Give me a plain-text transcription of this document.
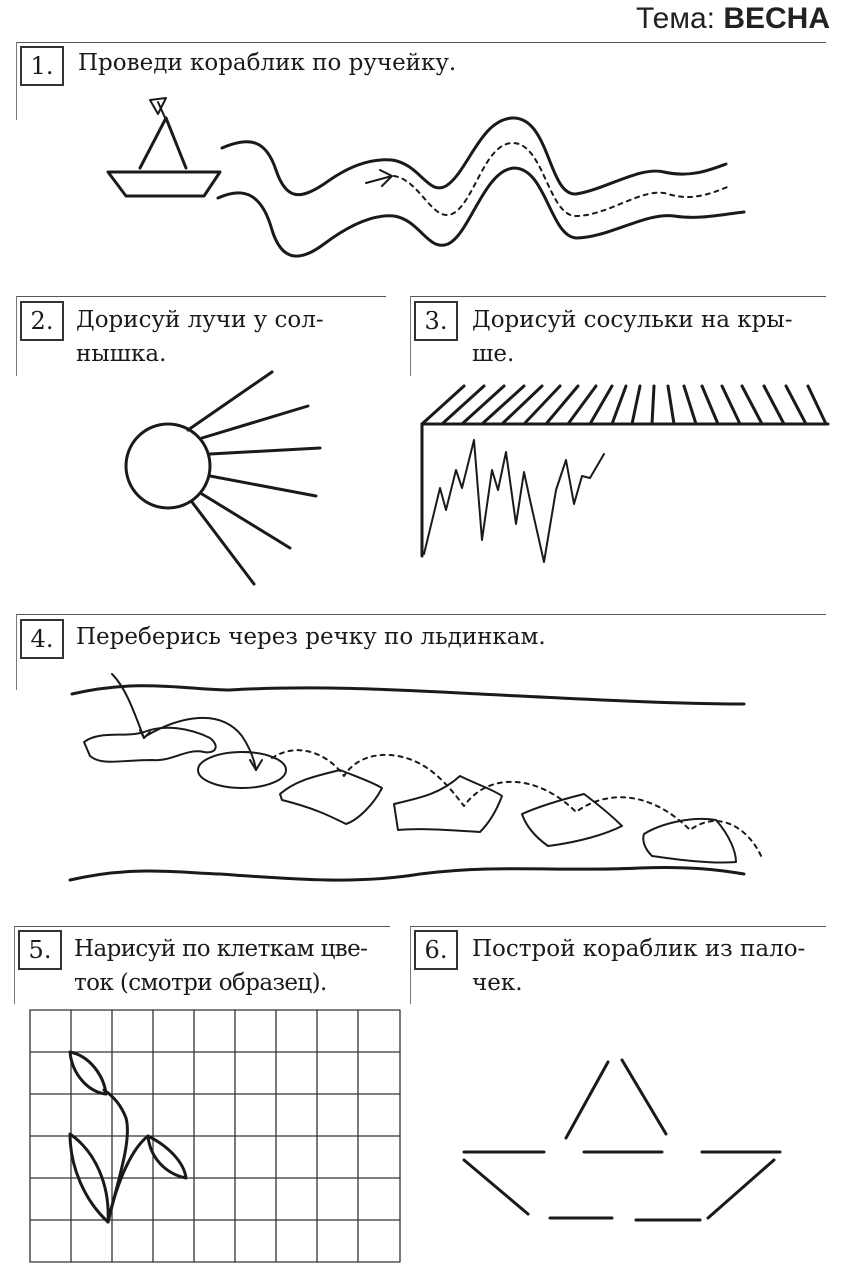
Тема: ВЕСНА
1.	Проведи кораблик по ручейку.
2. Дорисуй лучи у сол-
нышка.
3.	Дорисуй сосульки на кры-
ше.
4. Переберись через речку по льдинкам.
5. Нарисуй по клеткам цве-
ток (смотри образец).
6.	Построй кораблик из пало-
чек.
